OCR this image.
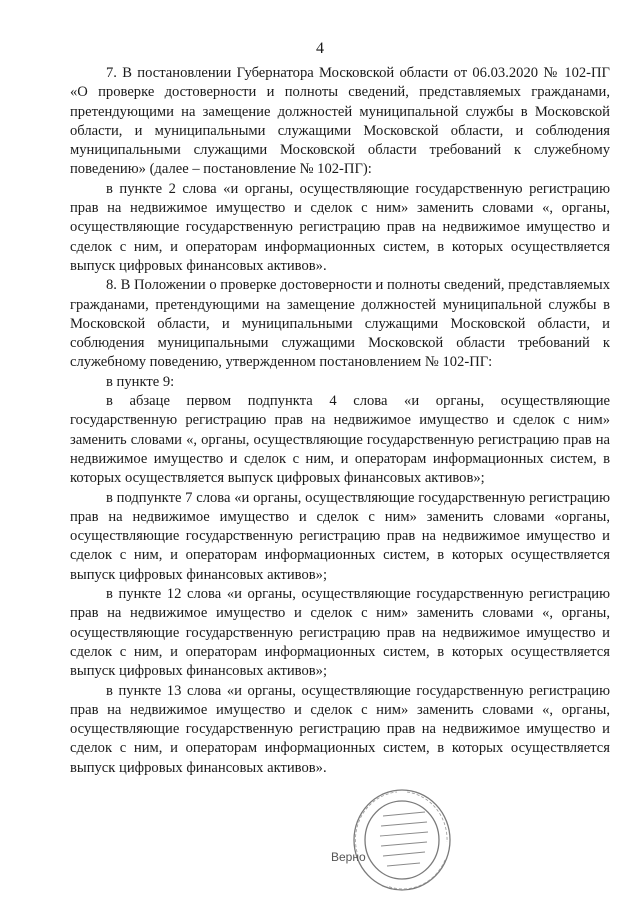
4

7. В постановлении Губернатора Московской области от 06.03.2020 № 102-ПГ «О проверке достоверности и полноты сведений, представляемых гражданами, претендующими на замещение должностей муниципальной службы в Московской области, и муниципальными служащими Московской области, и соблюдения муниципальными служащими Московской области требований к служебному поведению» (далее – постановление № 102-ПГ):

в пункте 2 слова «и органы, осуществляющие государственную регистрацию прав на недвижимое имущество и сделок с ним» заменить словами «, органы, осуществляющие государственную регистрацию прав на недвижимое имущество и сделок с ним, и операторам информационных систем, в которых осуществляется выпуск цифровых финансовых активов».

8. В Положении о проверке достоверности и полноты сведений, представляемых гражданами, претендующими на замещение должностей муниципальной службы в Московской области, и муниципальными служащими Московской области, и соблюдения муниципальными служащими Московской области требований к служебному поведению, утвержденном постановлением № 102-ПГ:

в пункте 9:

в абзаце первом подпункта 4 слова «и органы, осуществляющие государственную регистрацию прав на недвижимое имущество и сделок с ним» заменить словами «, органы, осуществляющие государственную регистрацию прав на недвижимое имущество и сделок с ним, и операторам информационных систем, в которых осуществляется выпуск цифровых финансовых активов»;

в подпункте 7 слова «и органы, осуществляющие государственную регистрацию прав на недвижимое имущество и сделок с ним» заменить словами «органы, осуществляющие государственную регистрацию прав на недвижимое имущество и сделок с ним, и операторам информационных систем, в которых осуществляется выпуск цифровых финансовых активов»;

в пункте 12 слова «и органы, осуществляющие государственную регистрацию прав на недвижимое имущество и сделок с ним» заменить словами «, органы, осуществляющие государственную регистрацию прав на недвижимое имущество и сделок с ним, и операторам информационных систем, в которых осуществляется выпуск цифровых финансовых активов»;

в пункте 13 слова «и органы, осуществляющие государственную регистрацию прав на недвижимое имущество и сделок с ним» заменить словами «, органы, осуществляющие государственную регистрацию прав на недвижимое имущество и сделок с ним, и операторам информационных систем, в которых осуществляется выпуск цифровых финансовых активов».

Верно
